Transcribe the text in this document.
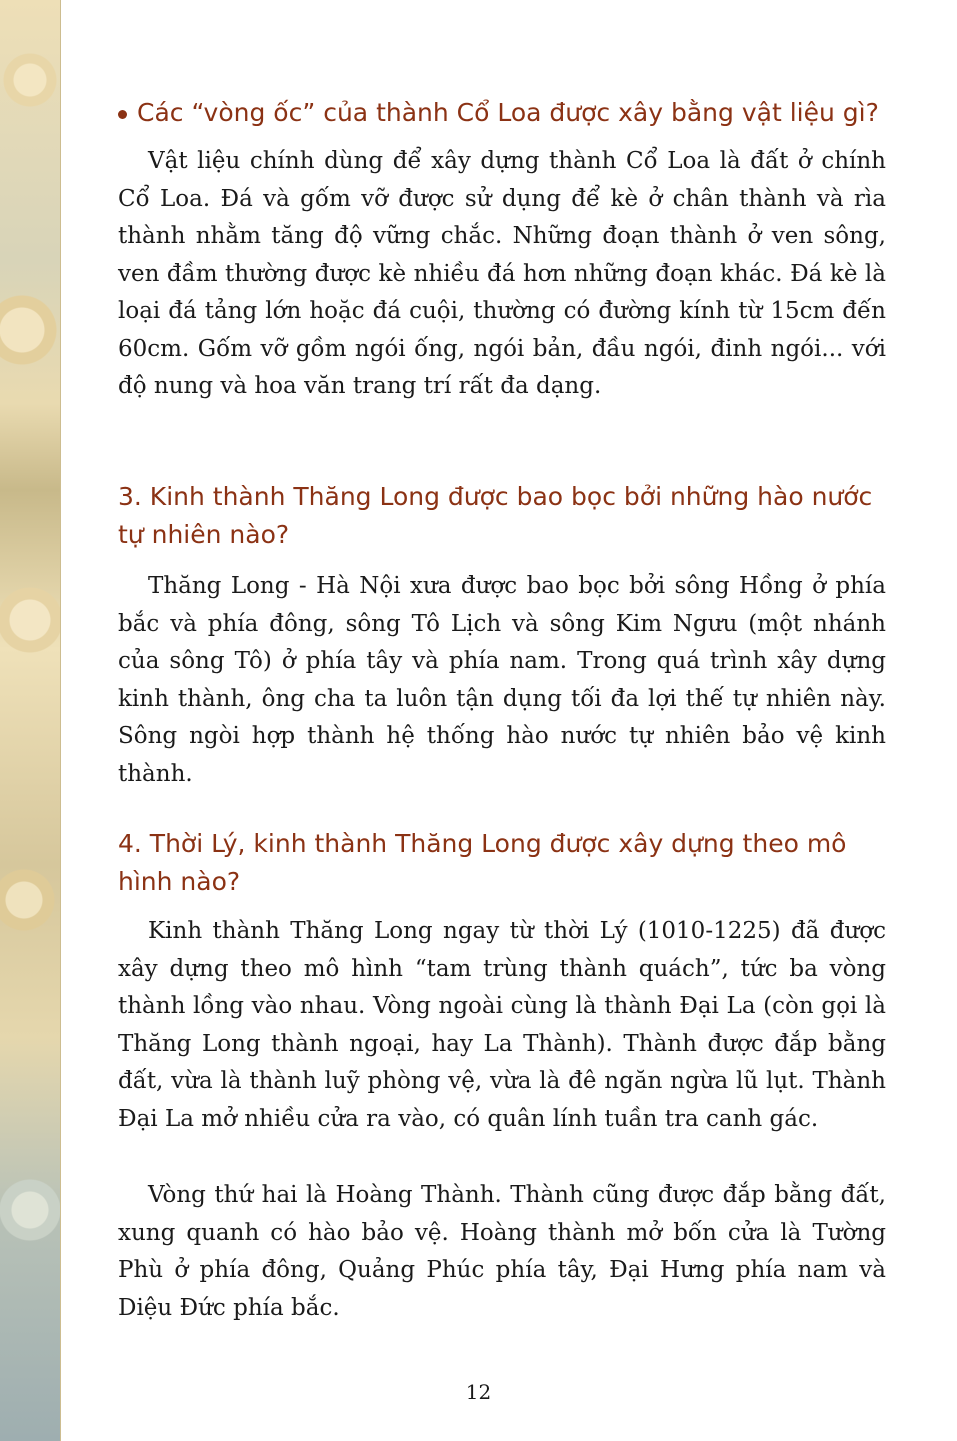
Các “vòng ốc” của thành Cổ Loa được xây bằng vật liệu gì?

Vật liệu chính dùng để xây dựng thành Cổ Loa là đất ở chính Cổ Loa. Đá và gốm vỡ được sử dụng để kè ở chân thành và rìa thành nhằm tăng độ vững chắc. Những đoạn thành ở ven sông, ven đầm thường được kè nhiều đá hơn những đoạn khác. Đá kè là loại đá tảng lớn hoặc đá cuội, thường có đường kính từ 15cm đến 60cm. Gốm vỡ gồm ngói ống, ngói bản, đầu ngói, đinh ngói... với độ nung và hoa văn trang trí rất đa dạng.

3. Kinh thành Thăng Long được bao bọc bởi những hào nước tự nhiên nào?

Thăng Long - Hà Nội xưa được bao bọc bởi sông Hồng ở phía bắc và phía đông, sông Tô Lịch và sông Kim Ngưu (một nhánh của sông Tô) ở phía tây và phía nam. Trong quá trình xây dựng kinh thành, ông cha ta luôn tận dụng tối đa lợi thế tự nhiên này. Sông ngòi hợp thành hệ thống hào nước tự nhiên bảo vệ kinh thành.

4. Thời Lý, kinh thành Thăng Long được xây dựng theo mô hình nào?

Kinh thành Thăng Long ngay từ thời Lý (1010-1225) đã được xây dựng theo mô hình “tam trùng thành quách”, tức ba vòng thành lồng vào nhau. Vòng ngoài cùng là thành Đại La (còn gọi là Thăng Long thành ngoại, hay La Thành). Thành được đắp bằng đất, vừa là thành luỹ phòng vệ, vừa là đê ngăn ngừa lũ lụt. Thành Đại La mở nhiều cửa ra vào, có quân lính tuần tra canh gác.

Vòng thứ hai là Hoàng Thành. Thành cũng được đắp bằng đất, xung quanh có hào bảo vệ. Hoàng thành mở bốn cửa là Tường Phù ở phía đông, Quảng Phúc phía tây, Đại Hưng phía nam và Diệu Đức phía bắc.

12
